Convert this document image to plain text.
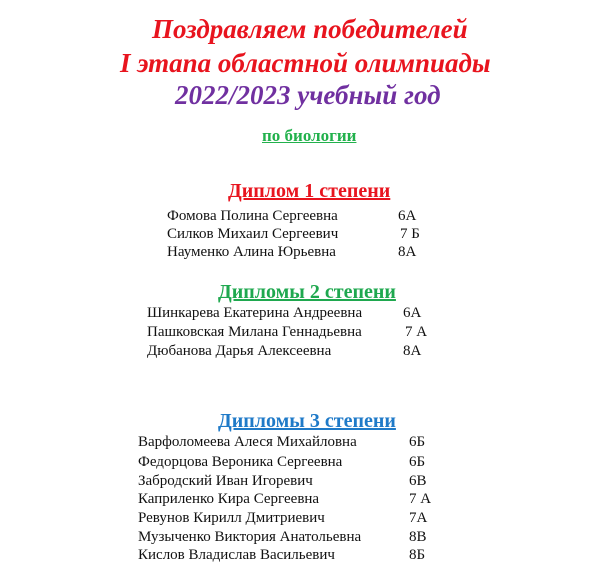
Поздравляем победителей
I этапа областной олимпиады
2022/2023 учебный год
по биологии
Диплом 1 степени
Фомова Полина Сергеевна	6А
Силков Михаил Сергеевич	7 Б
Науменко Алина Юрьевна	8А
Дипломы 2 степени
Шинкарева Екатерина Андреевна	6А
Пашковская Милана Геннадьевна	7 А
Дюбанова Дарья Алексеевна	8А
Дипломы 3 степени
Варфоломеева Алеся Михайловна	6Б
Федорцова Вероника Сергеевна	6Б
Забродский Иван Игоревич	6В
Каприленко Кира Сергеевна	7 А
Ревунов Кирилл Дмитриевич	7А
Музыченко Виктория Анатольевна	8В
Кислов Владислав Васильевич	8Б
